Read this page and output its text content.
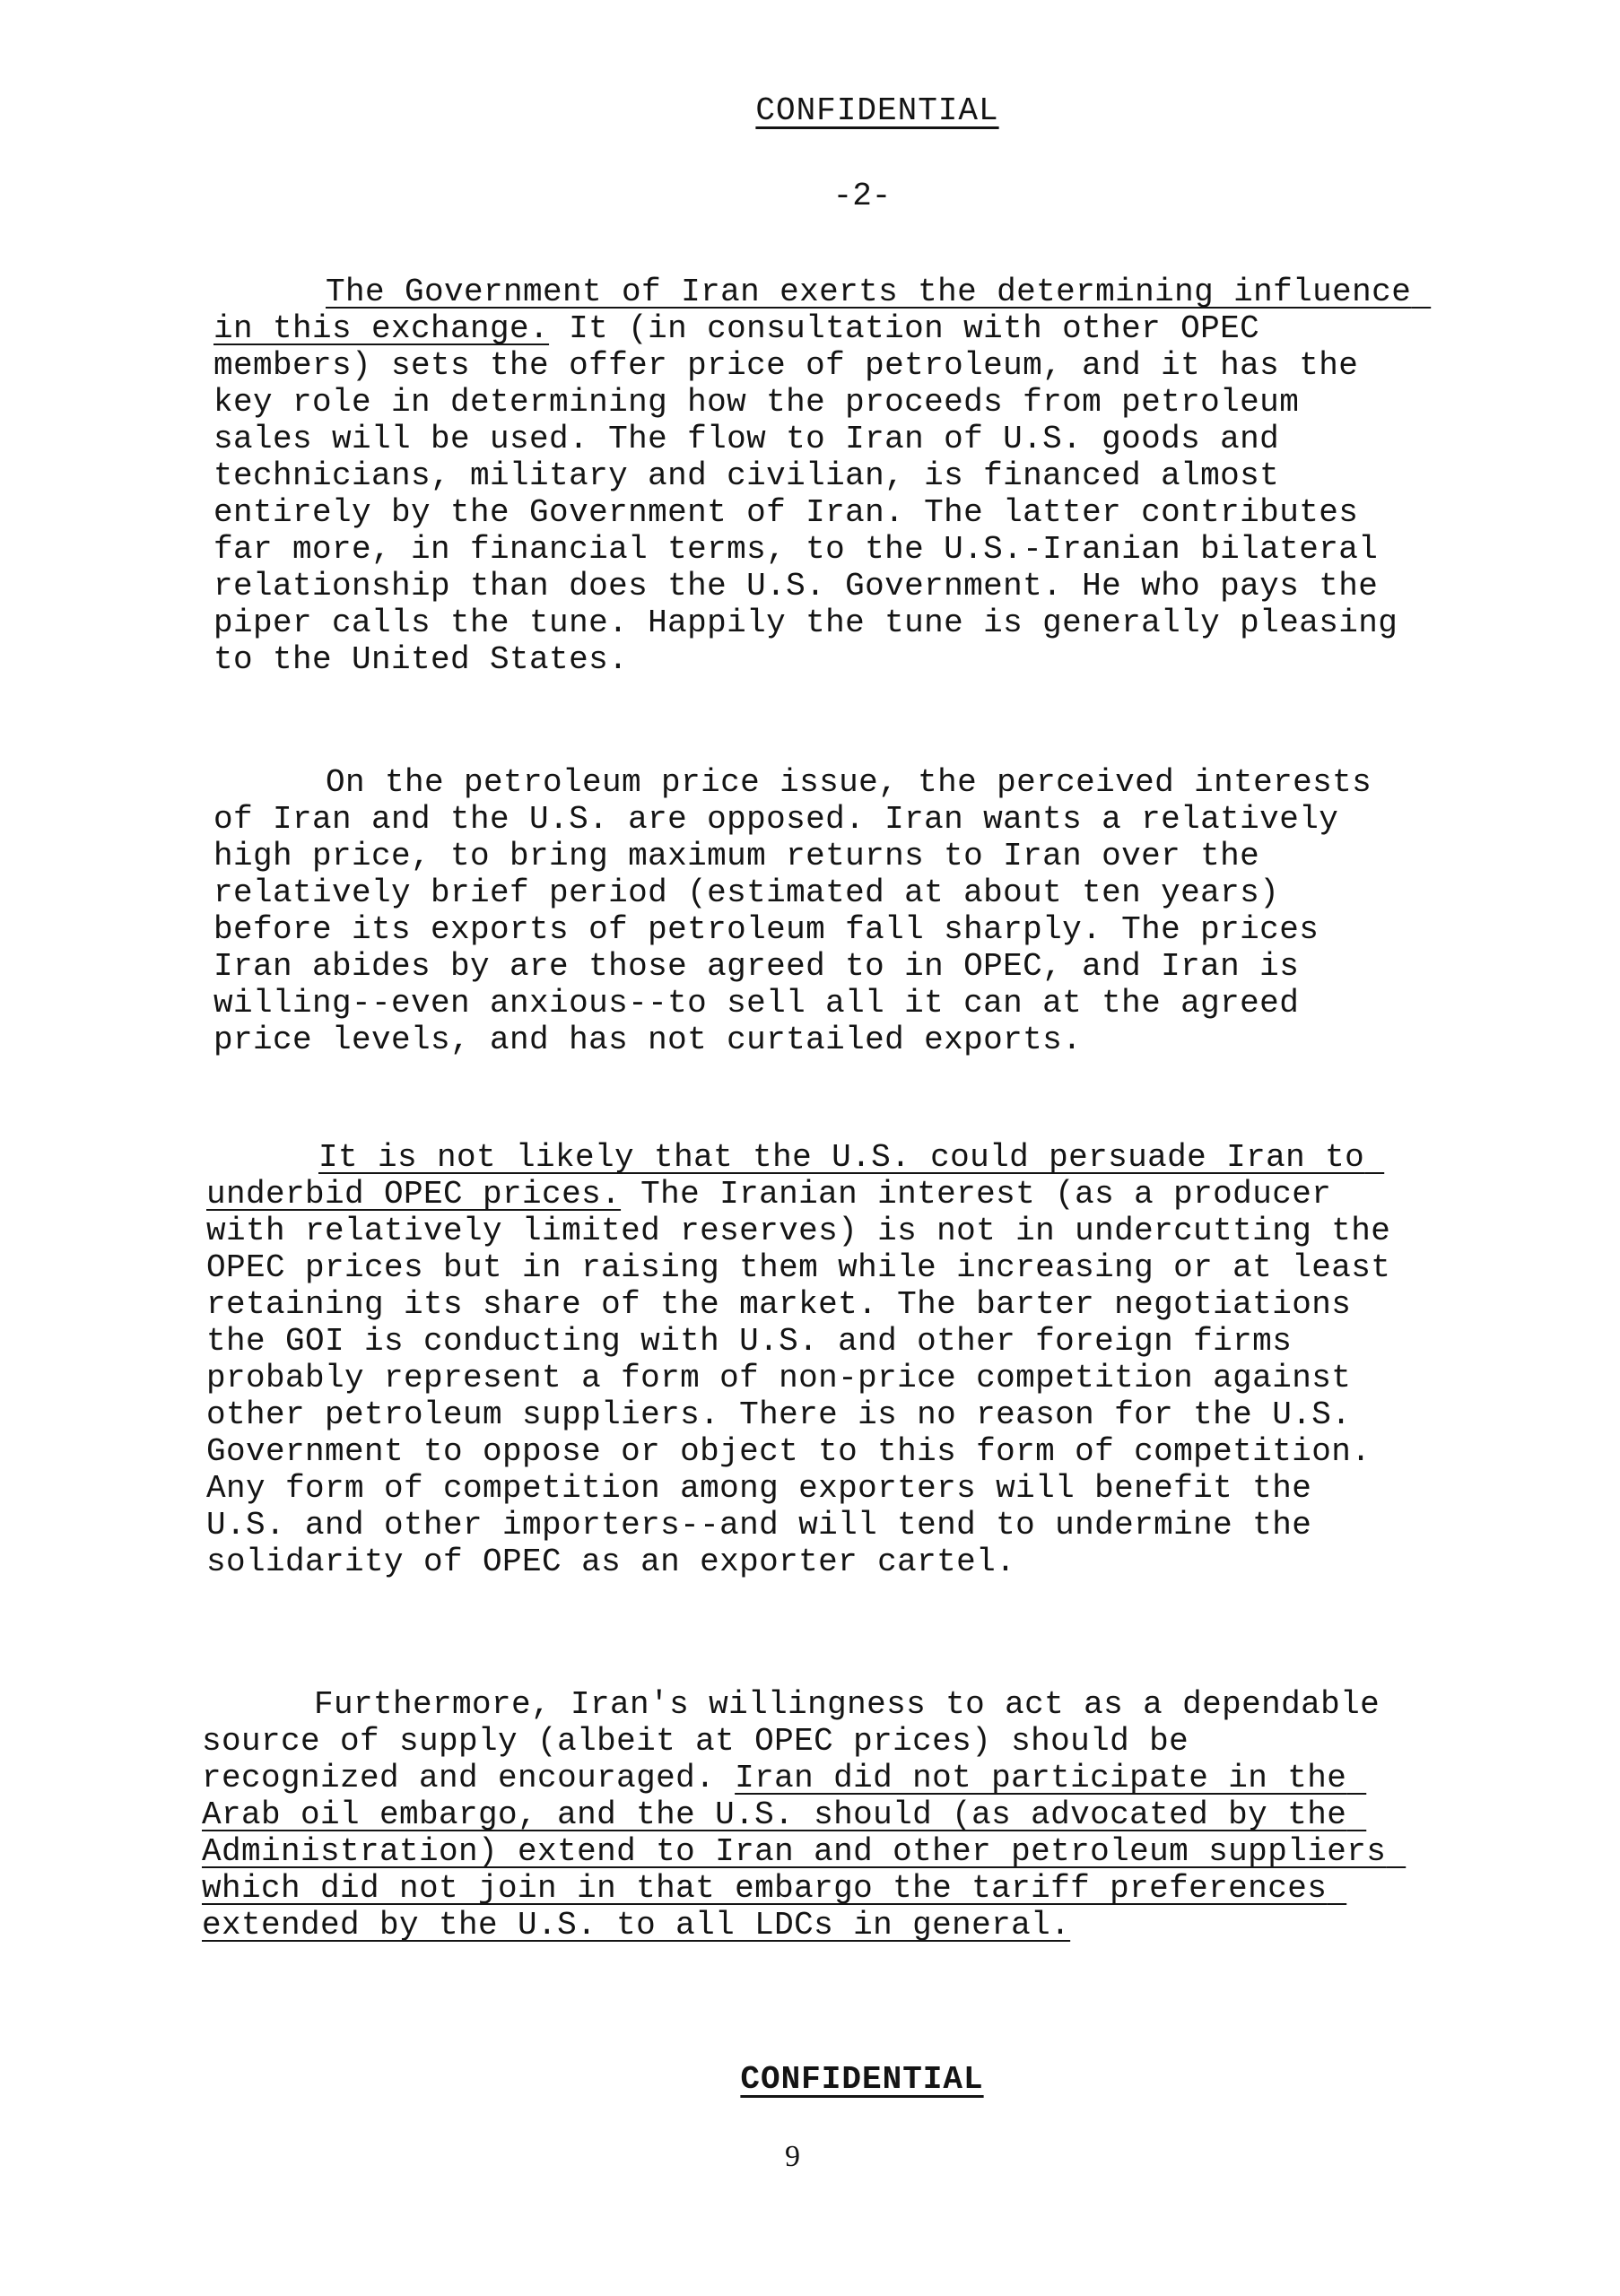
CONFIDENTIAL
-2-

The Government of Iran exerts the determining influence in this exchange. It (in consultation with other OPEC members) sets the offer price of petroleum, and it has the key role in determining how the proceeds from petroleum sales will be used. The flow to Iran of U.S. goods and technicians, military and civilian, is financed almost entirely by the Government of Iran. The latter contributes far more, in financial terms, to the U.S.-Iranian bilateral relationship than does the U.S. Government. He who pays the piper calls the tune. Happily the tune is generally pleasing to the United States.

On the petroleum price issue, the perceived interests of Iran and the U.S. are opposed. Iran wants a relatively high price, to bring maximum returns to Iran over the relatively brief period (estimated at about ten years) before its exports of petroleum fall sharply. The prices Iran abides by are those agreed to in OPEC, and Iran is willing--even anxious--to sell all it can at the agreed price levels, and has not curtailed exports.

It is not likely that the U.S. could persuade Iran to underbid OPEC prices. The Iranian interest (as a producer with relatively limited reserves) is not in undercutting the OPEC prices but in raising them while increasing or at least retaining its share of the market. The barter negotiations the GOI is conducting with U.S. and other foreign firms probably represent a form of non-price competition against other petroleum suppliers. There is no reason for the U.S. Government to oppose or object to this form of competition. Any form of competition among exporters will benefit the U.S. and other importers--and will tend to undermine the solidarity of OPEC as an exporter cartel.

Furthermore, Iran's willingness to act as a dependable source of supply (albeit at OPEC prices) should be recognized and encouraged. Iran did not participate in the Arab oil embargo, and the U.S. should (as advocated by the Administration) extend to Iran and other petroleum suppliers which did not join in that embargo the tariff preferences extended by the U.S. to all LDCs in general.

CONFIDENTIAL
9
